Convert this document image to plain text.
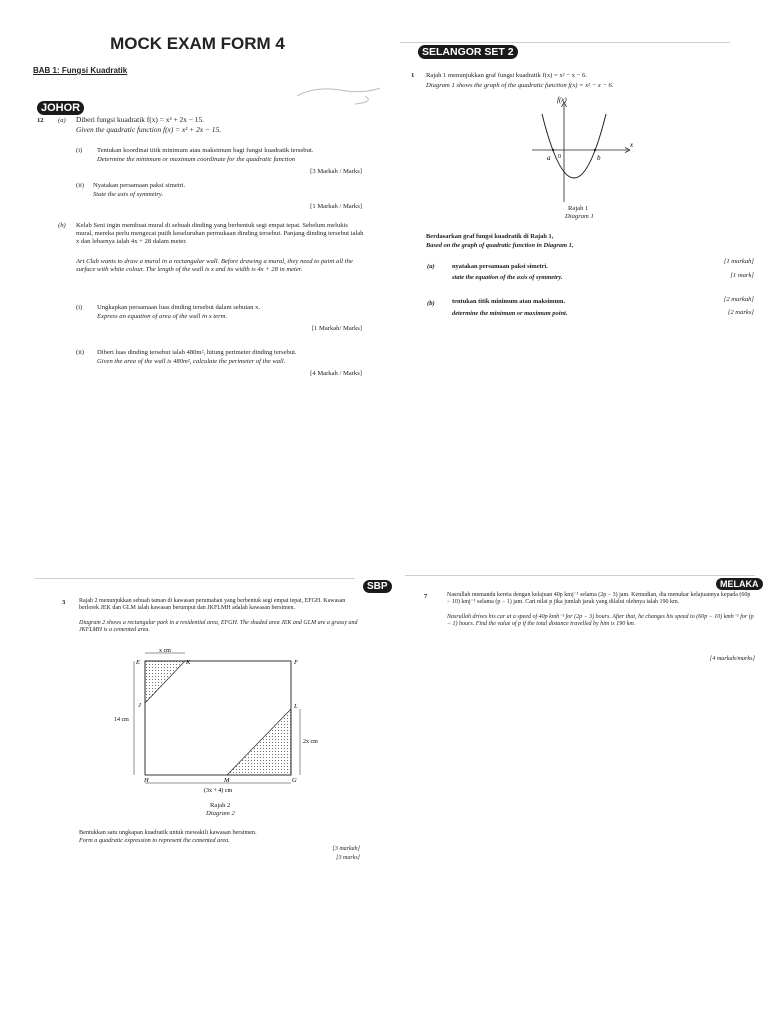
MOCK EXAM FORM 4
BAB 1: Fungsi Kuadratik
JOHOR
12 (a) Diberi fungsi kuadratik f(x) = x² + 2x − 15.
Given the quadratic function f(x) = x² + 2x − 15.
(i) Tentukan koordinat titik minimum atau maksimum bagi fungsi kuadratik tersebut.
Determine the minimum or maximum coordinate for the quadratic function
[3 Markah / Marks]
(ii) Nyatakan persamaan paksi simetri.
State the axis of symmetry.
[1 Markah / Marks]
(b) Kelab Seni ingin membuat mural di sebuah dinding yang berbentuk segi empat tepat. Sebelum melukis mural, mereka perlu mengecat putih keseluruhan permukaan dinding tersebut. Panjang dinding tersebut ialah x dan lebarnya ialah 4x + 28 dalam meter.
Art Club wants to draw a mural in a rectangular wall. Before drawing a mural, they need to paint all the surface with white colour. The length of the wall is x and its width is 4x + 28 in meter.
(i) Ungkapkan persamaan luas dinding tersebut dalam sebutan x.
Express an equation of area of the wall in x term.
[1 Markah/ Marks]
(ii) Diberi luas dinding tersebut ialah 480m², hitung perimeter dinding tersebut.
Given the area of the wall is 480m², calculate the perimeter of the wall.
[4 Markah / Marks]
SELANGOR SET 2
1 Rajah 1 menunjukkan graf fungsi kuadratik f(x) = x² − x − 6.
Diagram 1 shows the graph of the quadratic function f(x) = x² − x − 6.
f(x)
x
a	b
0
Rajah 1
Diagram 1
Berdasarkan graf fungsi kuadratik di Rajah 1,
Based on the graph of quadratic function in Diagram 1,
(a)	nyatakan persamaan paksi simetri.
state the equation of the axis of symmetry.
[1 markah]
[1 mark]
(b)	tentukan titik minimum atau maksimum.
determine the minimum or maximum point.
[2 markah]
[2 marks]
SBP
3 Rajah 2 menunjukkan sebuah taman di kawasan perumahan yang berbentuk segi empat tepat, EFGH. Kawasan berlorek JEK dan GLM ialah kawasan berumput dan JKFLMH adalah kawasan bersimen.
Diagram 2 shows a rectangular park in a residential area, EFGH. The shaded area JEK and GLM are a grassy and JKFLMH is a cemented area.
E	K	F
J	L
H	M	G
x cm
14 cm
2x cm
(3x + 4) cm
Rajah 2
Diagram 2
Bentukkan satu ungkapan kuadratik untuk mewakili kawasan bersimen.
Form a quadratic expression to represent the cemented area.
[3 markah]
[3 marks]
MELAKA
7	Nasrullah memandu kereta dengan kelajuan 40p kmj⁻¹ selama (2p − 3) jam. Kemudian, dia menukar kelajuannya kepada (60p − 10) kmj⁻¹ selama (p − 1) jam. Cari nilai p jika jumlah jarak yang dilalui olehnya ialah 190 km.
Nasrullah drives his car at a speed of 40p kmh⁻¹ for (2p − 3) hours. After that, he changes his speed to (60p − 10) kmh⁻¹ for (p − 1) hours. Find the value of p if the total distance travelled by him is 190 km.
[4 markah/marks]
